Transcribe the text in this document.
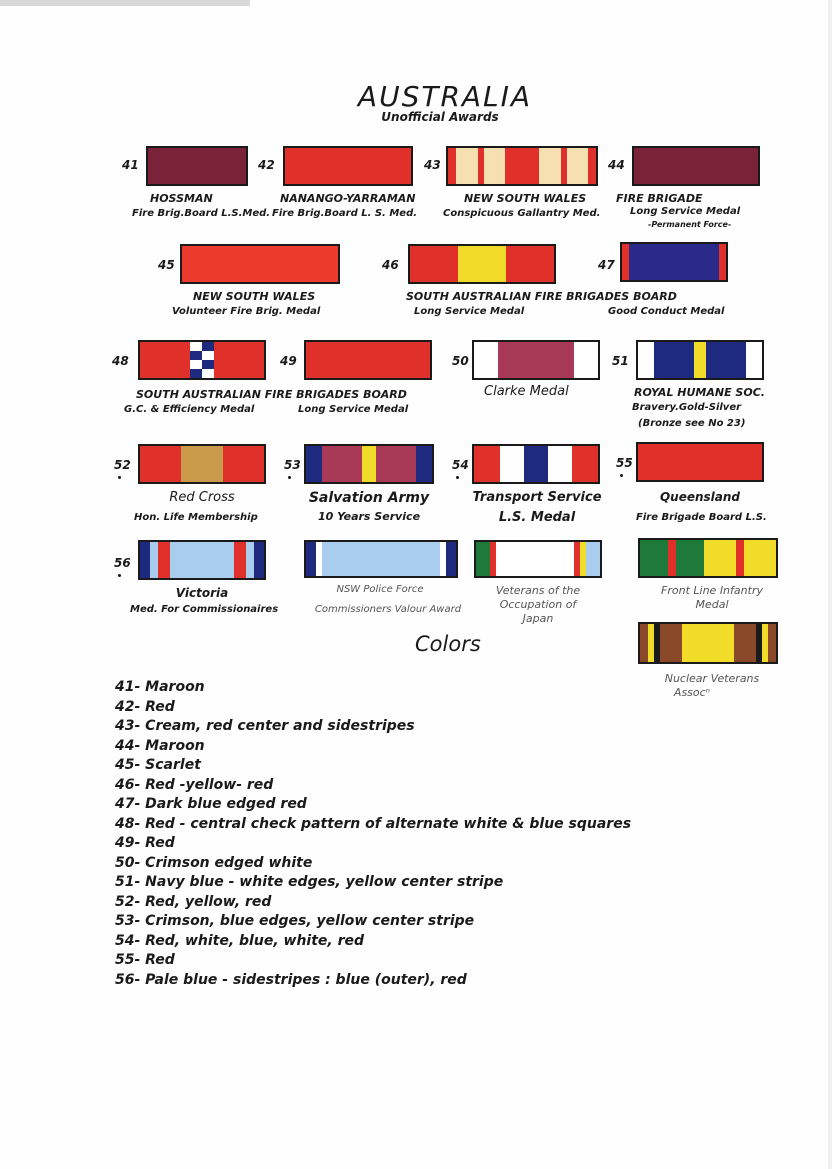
AUSTRALIA
Unofficial Awards
41
HOSSMAN
Fire Brig.Board L.S.Med.
42
NANANGO-YARRAMAN
Fire Brig.Board L. S. Med.
43
NEW SOUTH WALES
Conspicuous Gallantry Med.
44
FIRE BRIGADE
Long Service Medal
-Permanent Force-
45
NEW SOUTH WALES
Volunteer Fire Brig. Medal
46
SOUTH AUSTRALIAN FIRE BRIGADES BOARD
Long Service Medal
47
Good Conduct Medal
48
SOUTH AUSTRALIAN FIRE BRIGADES BOARD
G.C. & Efficiency Medal
49
Long Service Medal
50
Clarke Medal
51
ROYAL HUMANE SOC.
Bravery.Gold-Silver
(Bronze see No 23)
52
Red Cross
Hon. Life Membership
53
Salvation Army
10 Years Service
54
Transport Service
L.S. Medal
55
Queensland
Fire Brigade Board L.S.
56
Victoria
Med. For Commissionaires
NSW Police Force
Commissioners Valour Award
Veterans of the
Occupation of
Japan
Front Line Infantry
Medal
Nuclear Veterans
Assocⁿ
Colors
41- Maroon
42- Red
43- Cream, red center and sidestripes
44- Maroon
45- Scarlet
46- Red -yellow- red
47- Dark blue edged red
48- Red - central check pattern of alternate white & blue squares
49- Red
50- Crimson edged white
51- Navy blue - white edges, yellow center stripe
52- Red, yellow, red
53- Crimson, blue edges, yellow center stripe
54- Red, white, blue, white, red
55- Red
56- Pale blue - sidestripes : blue (outer), red
